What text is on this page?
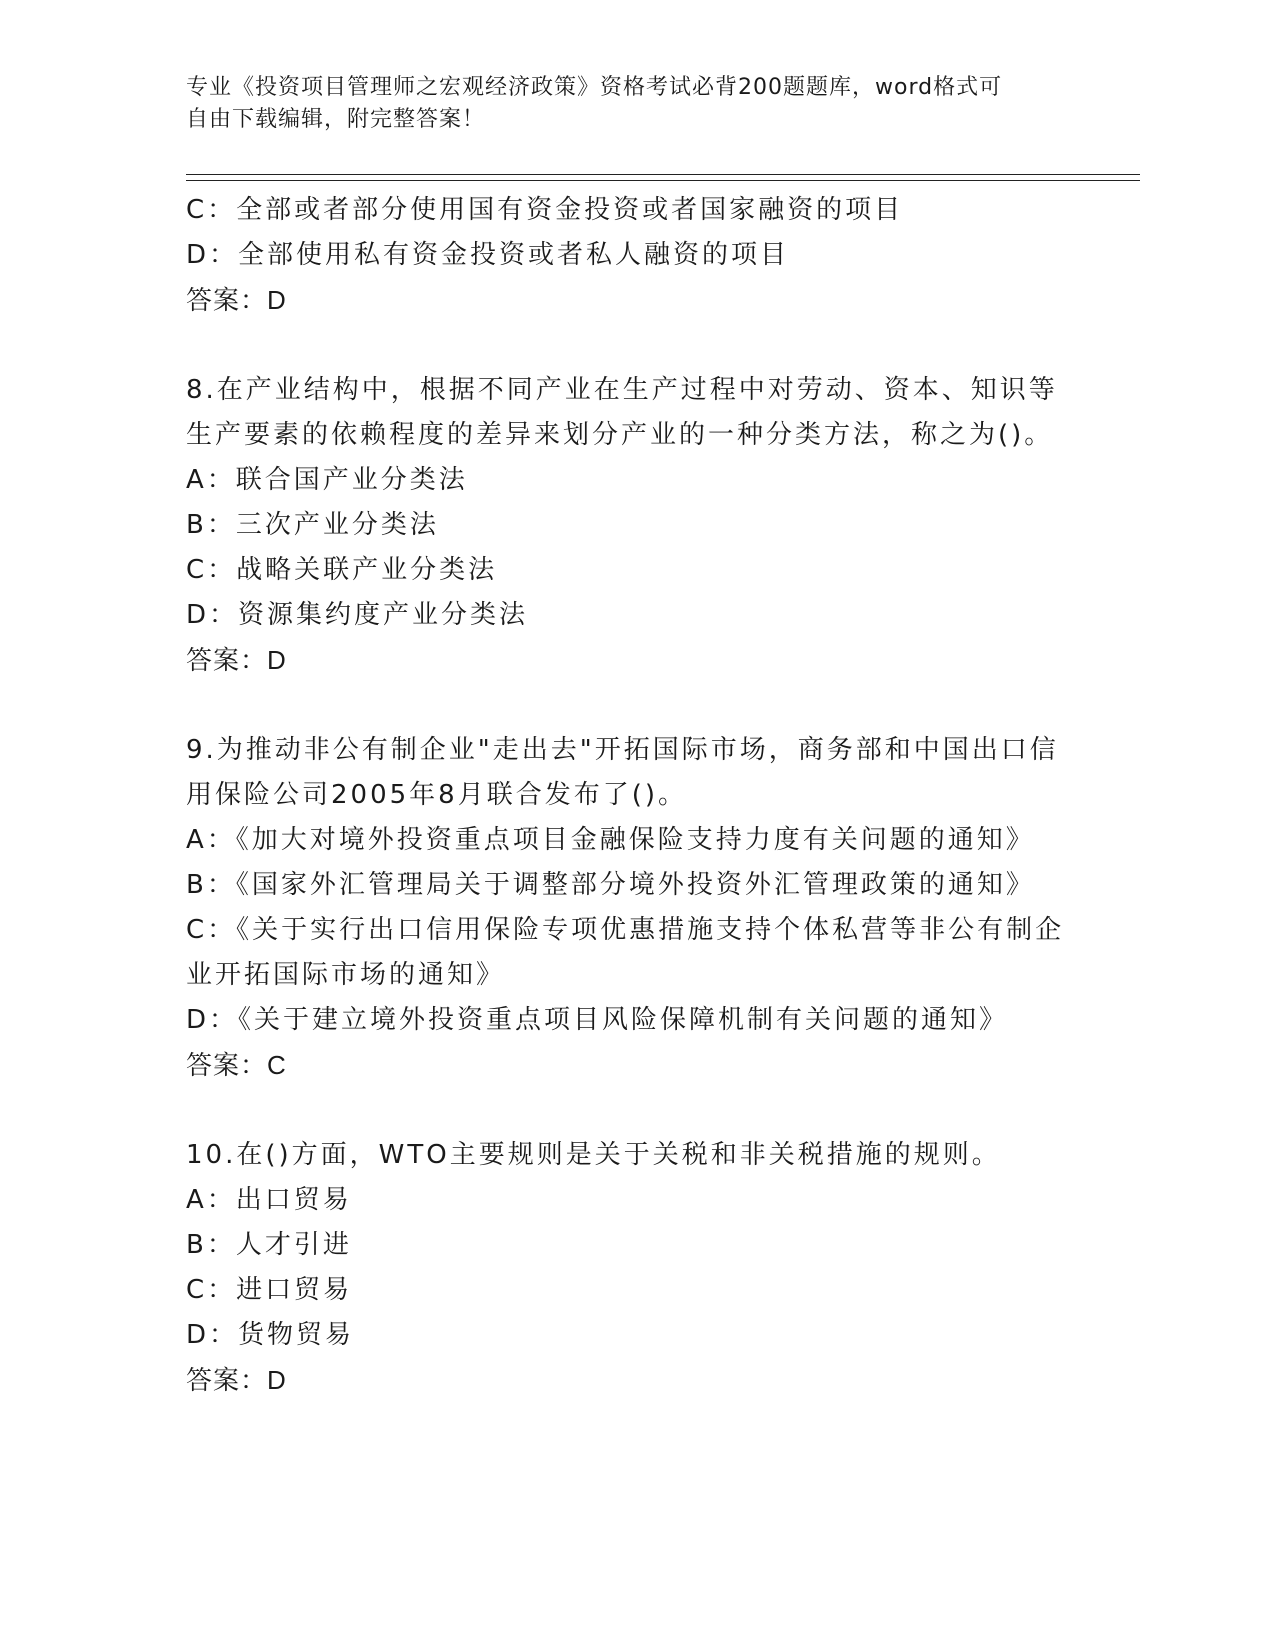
专业《投资项目管理师之宏观经济政策》资格考试必背200题题库，word格式可
自由下载编辑，附完整答案！
C：全部或者部分使用国有资金投资或者国家融资的项目
D：全部使用私有资金投资或者私人融资的项目
答案：D
8.在产业结构中，根据不同产业在生产过程中对劳动、资本、知识等
生产要素的依赖程度的差异来划分产业的一种分类方法，称之为()。
A：联合国产业分类法
B：三次产业分类法
C：战略关联产业分类法
D：资源集约度产业分类法
答案：D
9.为推动非公有制企业"走出去"开拓国际市场，商务部和中国出口信
用保险公司2005年8月联合发布了()。
A：《加大对境外投资重点项目金融保险支持力度有关问题的通知》
B：《国家外汇管理局关于调整部分境外投资外汇管理政策的通知》
C：《关于实行出口信用保险专项优惠措施支持个体私营等非公有制企
业开拓国际市场的通知》
D：《关于建立境外投资重点项目风险保障机制有关问题的通知》
答案：C
10.在()方面，WTO主要规则是关于关税和非关税措施的规则。
A：出口贸易
B：人才引进
C：进口贸易
D：货物贸易
答案：D
